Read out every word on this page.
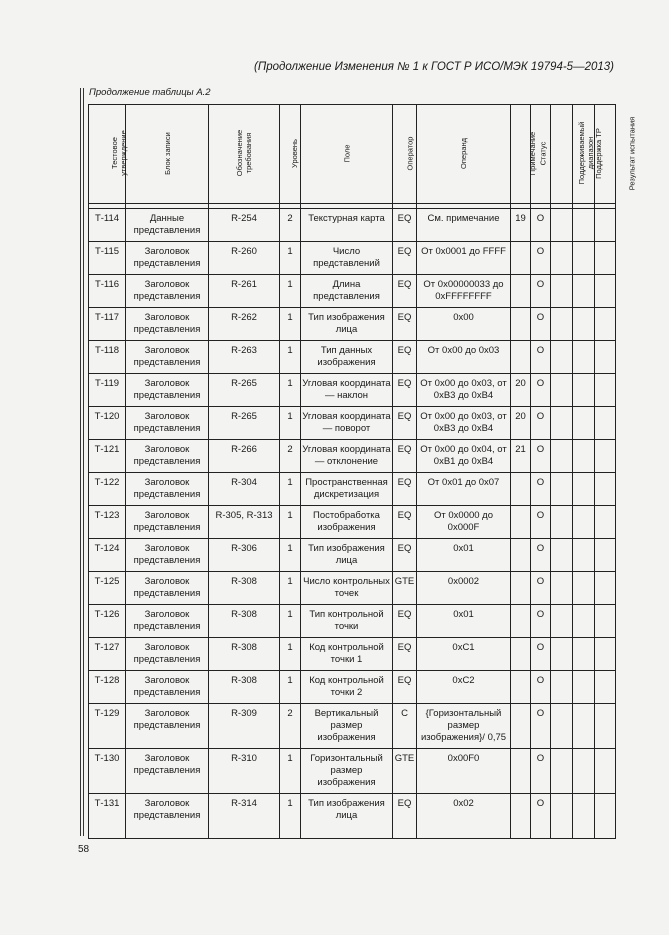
(Продолжение Изменения № 1 к ГОСТ Р ИСО/МЭК 19794-5—2013)
Продолжение таблицы А.2
Тестовое утверждение	Блок записи	Обозначение требования	Уровень	Поле	Оператор	Операнд	Примечание	Статус	Поддерживаемый диапазон	Поддержка ТР	Результат испытания

Т-114	Данные представления	R-254	2	Текстурная карта	EQ	См. примечание	19	О			
Т-115	Заголовок представления	R-260	1	Число представлений	EQ	От 0x0001 до FFFF		О			
Т-116	Заголовок представления	R-261	1	Длина представления	EQ	От 0x00000033 до 0xFFFFFFFF		О			
Т-117	Заголовок представления	R-262	1	Тип изображения лица	EQ	0x00		О			
Т-118	Заголовок представления	R-263	1	Тип данных изображения	EQ	От 0x00 до 0x03		О			
Т-119	Заголовок представления	R-265	1	Угловая координата — наклон	EQ	От 0x00 до 0x03, от 0xB3 до 0xB4	20	О			
Т-120	Заголовок представления	R-265	1	Угловая координата — поворот	EQ	От 0x00 до 0x03, от 0xB3 до 0xB4	20	О			
Т-121	Заголовок представления	R-266	2	Угловая координата — отклонение	EQ	От 0x00 до 0x04, от 0xB1 до 0xB4	21	О			
Т-122	Заголовок представления	R-304	1	Пространственная дискретизация	EQ	От 0x01 до 0x07		О			
Т-123	Заголовок представления	R-305, R-313	1	Постобработка изображения	EQ	От 0x0000 до 0x000F		О			
Т-124	Заголовок представления	R-306	1	Тип изображения лица	EQ	0x01		О			
Т-125	Заголовок представления	R-308	1	Число контрольных точек	GTE	0x0002		О			
Т-126	Заголовок представления	R-308	1	Тип контрольной точки	EQ	0x01		О			
Т-127	Заголовок представления	R-308	1	Код контрольной точки 1	EQ	0xC1		О			
Т-128	Заголовок представления	R-308	1	Код контрольной точки 2	EQ	0xC2		О			
Т-129	Заголовок представления	R-309	2	Вертикальный размер изображения	C	{Горизонтальный размер изображения}/ 0,75		О			
Т-130	Заголовок представления	R-310	1	Горизонтальный размер изображения	GTE	0x00F0		О			
Т-131	Заголовок представления	R-314	1	Тип изображения лица	EQ	0x02		О			
58
